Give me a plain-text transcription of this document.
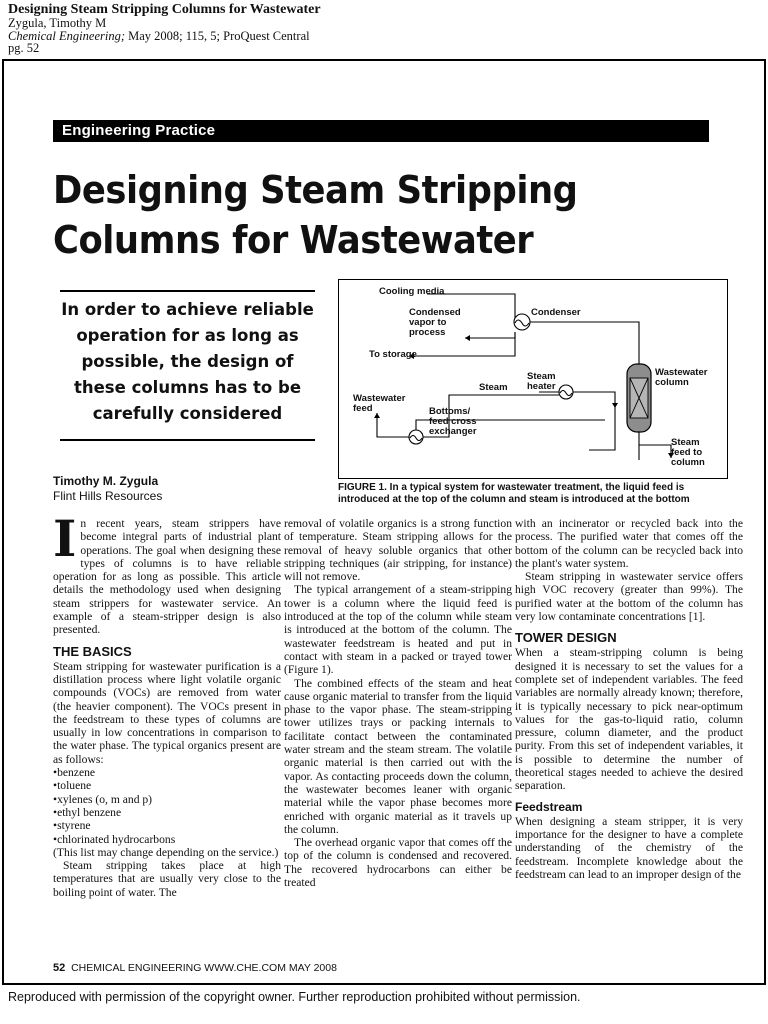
Designing Steam Stripping Columns for Wastewater
Zygula, Timothy M
Chemical Engineering; May 2008; 115, 5; ProQuest Central
pg. 52
Engineering Practice
Designing Steam Stripping
Columns for Wastewater
In order to achieve reliable operation for as long as possible, the design of these columns has to be carefully considered
Timothy M. Zygula
Flint Hills Resources
Cooling media
Condensed
vapor to
process
Condenser
To storage
Wastewater
feed	Bottoms/
feed cross
exchanger
Steam
Steam
heater
Wastewater
column
Steam
feed to
column
FIGURE 1. In a typical system for wastewater treatment, the liquid feed is introduced at the top of the column and steam is introduced at the bottom

In recent years, steam strippers have become integral parts of industrial plant operations. The goal when designing these types of columns is to have reliable operation for as long as possible. This article details the methodology used when designing steam strippers for wastewater service. An example of a steam-stripper design is also presented.

THE BASICS

Steam stripping for wastewater purification is a distillation process where light volatile organic compounds (VOCs) are removed from water (the heavier component). The VOCs present in the feedstream to these types of columns are usually in low concentrations in comparison to the water phase. The typical organics present are as follows:

• benzene
• toluene
• xylenes (o, m and p)
• ethyl benzene
• styrene
• chlorinated hydrocarbons

(This list may change depending on the service.)

Steam stripping takes place at high temperatures that are usually very close to the boiling point of water. The

removal of volatile organics is a strong function of temperature. Steam stripping allows for the removal of heavy soluble organics that other stripping techniques (air stripping, for instance) will not remove.

The typical arrangement of a steam-stripping tower is a column where the liquid feed is introduced at the top of the column while steam is introduced at the bottom of the column. The wastewater feedstream is heated and put in contact with steam in a packed or trayed tower (Figure 1).

The combined effects of the steam and heat cause organic material to transfer from the liquid phase to the vapor phase. The steam-stripping tower utilizes trays or packing internals to facilitate contact between the contaminated water stream and the steam stream. The volatile organic material is then carried out with the vapor. As contacting proceeds down the column, the wastewater becomes leaner with organic material while the vapor phase becomes more enriched with organic material as it travels up the column.

The overhead organic vapor that comes off the top of the column is condensed and recovered. The recovered hydrocarbons can either be treated

with an incinerator or recycled back into the process. The purified water that comes off the bottom of the column can be recycled back into the plant's water system.

Steam stripping in wastewater service offers high VOC recovery (greater than 99%). The purified water at the bottom of the column has very low contaminate concentrations [1].

TOWER DESIGN

When a steam-stripping column is being designed it is necessary to set the values for a complete set of independent variables. The feed variables are normally already known; therefore, it is typically necessary to pick near-optimum values for the gas-to-liquid ratio, column pressure, column diameter, and the product purity. From this set of independent variables, it is possible to determine the number of theoretical stages needed to achieve the desired separation.

Feedstream

When designing a steam stripper, it is very importance for the designer to have a complete understanding of the chemistry of the feedstream. Incomplete knowledge about the feedstream can lead to an improper design of the

52 CHEMICAL ENGINEERING WWW.CHE.COM MAY 2008
Reproduced with permission of the copyright owner. Further reproduction prohibited without permission.
